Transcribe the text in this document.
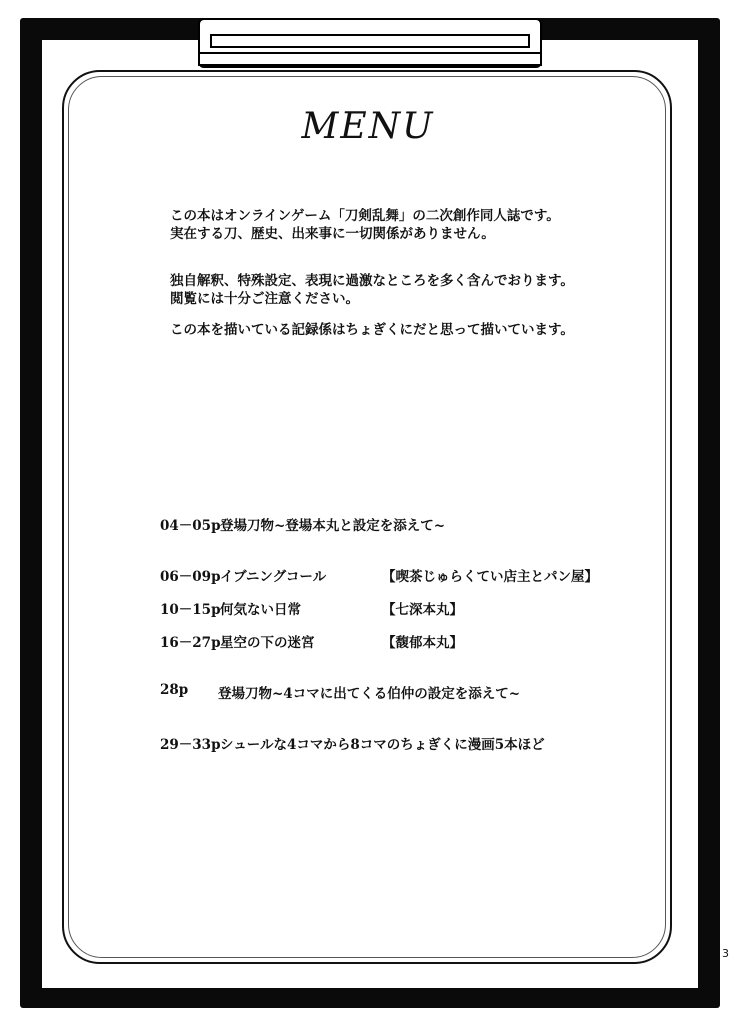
MENU

この本はオンラインゲーム「刀剣乱舞」の二次創作同人誌です。

実在する刀、歴史、出来事に一切関係がありません。

独自解釈、特殊設定、表現に過激なところを多く含んでおります。

閲覧には十分ご注意ください。

この本を描いている記録係はちょぎくにだと思って描いています。

04－05p 登場刀物~登場本丸と設定を添えて~
06－09p イブニングコール	【喫茶じゅらくてい店主とパン屋】
10－15p 何気ない日常	【七深本丸】
16－27p 星空の下の迷宮	【馥郁本丸】
28p 登場刀物~4コマに出てくる伯仲の設定を添えて~
29－33p シュールな4コマから8コマのちょぎくに漫画5本ほど
3
